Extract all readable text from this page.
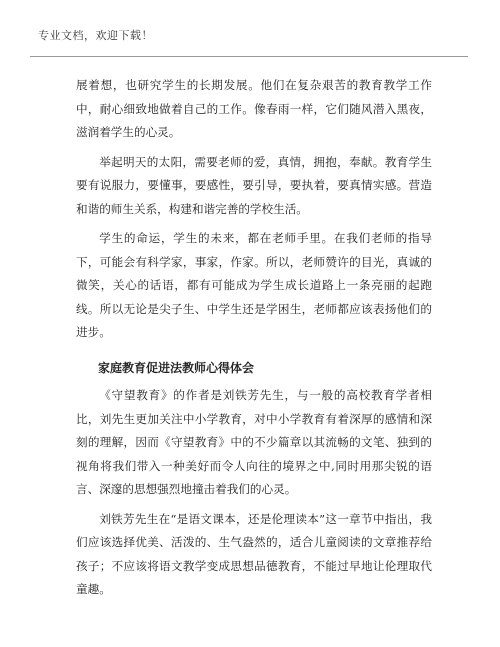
专业文档，欢迎下载！

展着想，也研究学生的长期发展。他们在复杂艰苦的教育教学工作中，耐心细致地做着自己的工作。像春雨一样，它们随风潜入黑夜，滋润着学生的心灵。

举起明天的太阳，需要老师的爱，真情，拥抱，奉献。教育学生要有说服力，要懂事，要感性，要引导，要执着，要真情实感。营造和谐的师生关系，构建和谐完善的学校生活。

学生的命运，学生的未来，都在老师手里。在我们老师的指导下，可能会有科学家，事家，作家。所以，老师赞许的目光，真诚的微笑，关心的话语，都有可能成为学生成长道路上一条亮丽的起跑线。所以无论是尖子生、中学生还是学困生，老师都应该表扬他们的进步。

家庭教育促进法教师心得体会

《守望教育》的作者是刘铁芳先生，与一般的高校教育学者相比，刘先生更加关注中小学教育，对中小学教育有着深厚的感情和深刻的理解，因而《守望教育》中的不少篇章以其流畅的文笔、独到的视角将我们带入一种美好而令人向往的境界之中,同时用那尖锐的语言、深邃的思想强烈地撞击着我们的心灵。

刘铁芳先生在“是语文课本，还是伦理读本”这一章节中指出，我们应该选择优美、活泼的、生气盎然的，适合儿童阅读的文章推荐给孩子；不应该将语文教学变成思想品德教育，不能过早地让伦理取代童趣。
